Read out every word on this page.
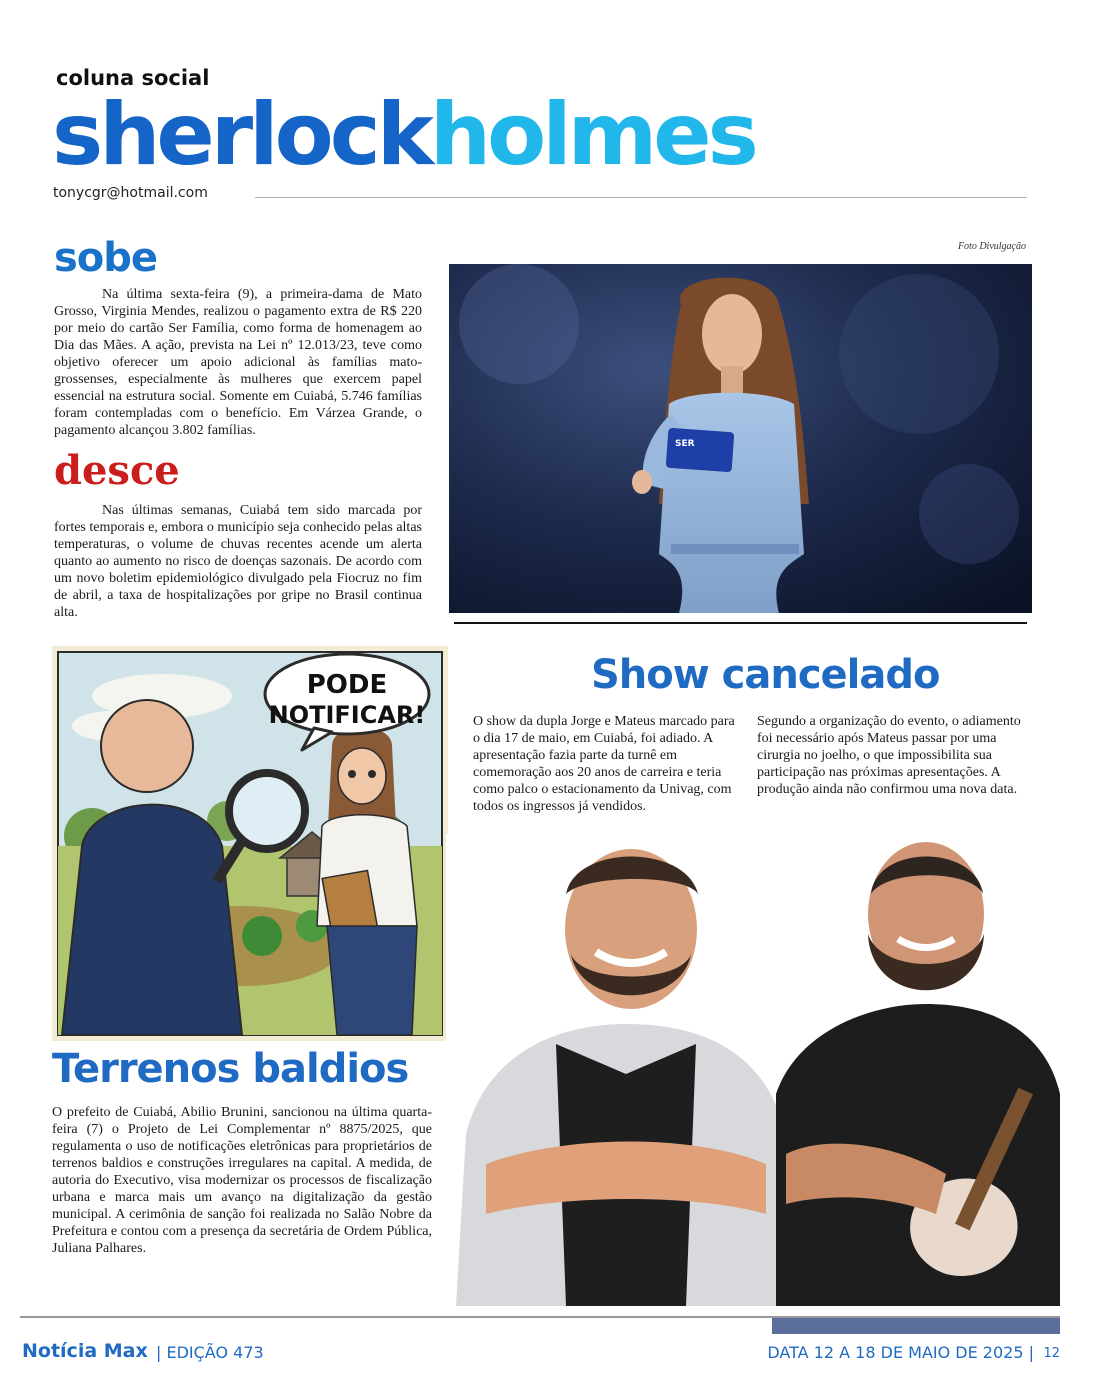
coluna social
sherlockholmes
tonycgr@hotmail.com
sobe
Na última sexta-feira (9), a primeira-dama de Mato Grosso, Virginia Mendes, realizou o pagamento extra de R$ 220 por meio do cartão Ser Família, como forma de homenagem ao Dia das Mães. A ação, prevista na Lei nº 12.013/23, teve como objetivo oferecer um apoio adicional às famílias mato-grossenses, especialmente às mulheres que exercem papel essencial na estrutura social. Somente em Cuiabá, 5.746 famílias foram contempladas com o benefício. Em Várzea Grande, o pagamento alcançou 3.802 famílias.
desce
Nas últimas semanas, Cuiabá tem sido marcada por fortes temporais e, embora o município seja conhecido pelas altas temperaturas, o volume de chuvas recentes acende um alerta quanto ao aumento no risco de doenças sazonais. De acordo com um novo boletim epidemiológico divulgado pela Fiocruz no fim de abril, a taxa de hospitalizações por gripe no Brasil continua alta.
Foto Divulgação
SER
PODE
NOTIFICAR!
Show cancelado
O show da dupla Jorge e Mateus marcado para o dia 17 de maio, em Cuiabá, foi adiado. A apresentação fazia parte da turnê em comemoração aos 20 anos de carreira e teria como palco o estacionamento da Univag, com todos os ingressos já vendidos.
Segundo a organização do evento, o adiamento foi necessário após Mateus passar por uma cirurgia no joelho, o que impossibilita sua participação nas próximas apresentações. A produção ainda não confirmou uma nova data.
Terrenos baldios
O prefeito de Cuiabá, Abilio Brunini, sancionou na última quarta-feira (7) o Projeto de Lei Complementar nº 8875/2025, que regulamenta o uso de notificações eletrônicas para proprietários de terrenos baldios e construções irregulares na capital. A medida, de autoria do Executivo, visa modernizar os processos de fiscalização urbana e marca mais um avanço na digitalização da gestão municipal. A cerimônia de sanção foi realizada no Salão Nobre da Prefeitura e contou com a presença da secretária de Ordem Pública, Juliana Palhares.
Notícia Max | EDIÇÃO 473	DATA 12 A 18 DE MAIO DE 2025 | 12
